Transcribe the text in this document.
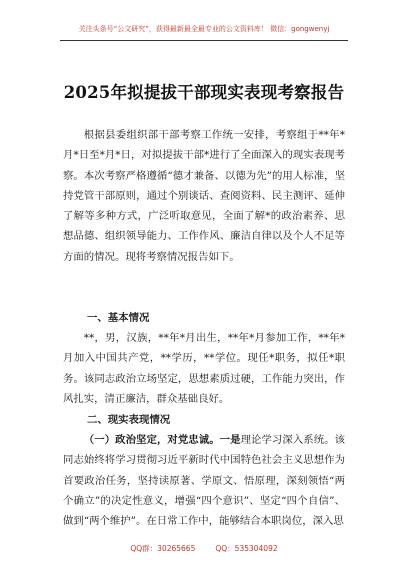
关注头条号“公文研究”，获得最新最全最专业的公文资料库！ 微信：gongwenyj
2025年拟提拔干部现实表现考察报告
根据县委组织部干部考察工作统一安排，考察组于**年*月*日至*月*日，对拟提拔干部*进行了全面深入的现实表现考察。本次考察严格遵循“德才兼备、以德为先”的用人标准，坚持党管干部原则，通过个别谈话、查阅资料、民主测评、延伸了解等多种方式，广泛听取意见，全面了解*的政治素养、思想品德、组织领导能力、工作作风、廉洁自律以及个人不足等方面的情况。现将考察情况报告如下。
一、基本情况
**，男，汉族，**年*月出生，**年*月参加工作，**年*月加入中国共产党，**学历，**学位。现任*职务，拟任*职务。该同志政治立场坚定，思想素质过硬，工作能力突出，作风扎实，清正廉洁，群众基础良好。
二、现实表现情况
（一）政治坚定，对党忠诚。一是理论学习深入系统。该同志始终将学习贯彻习近平新时代中国特色社会主义思想作为首要政治任务，坚持读原著、学原文、悟原理，深刻领悟“两个确立”的决定性意义，增强“四个意识”、坚定“四个自信”、做到“两个维护”。在日常工作中，能够结合本职岗位，深入思
QQ群：30265665	QQ：535304092
